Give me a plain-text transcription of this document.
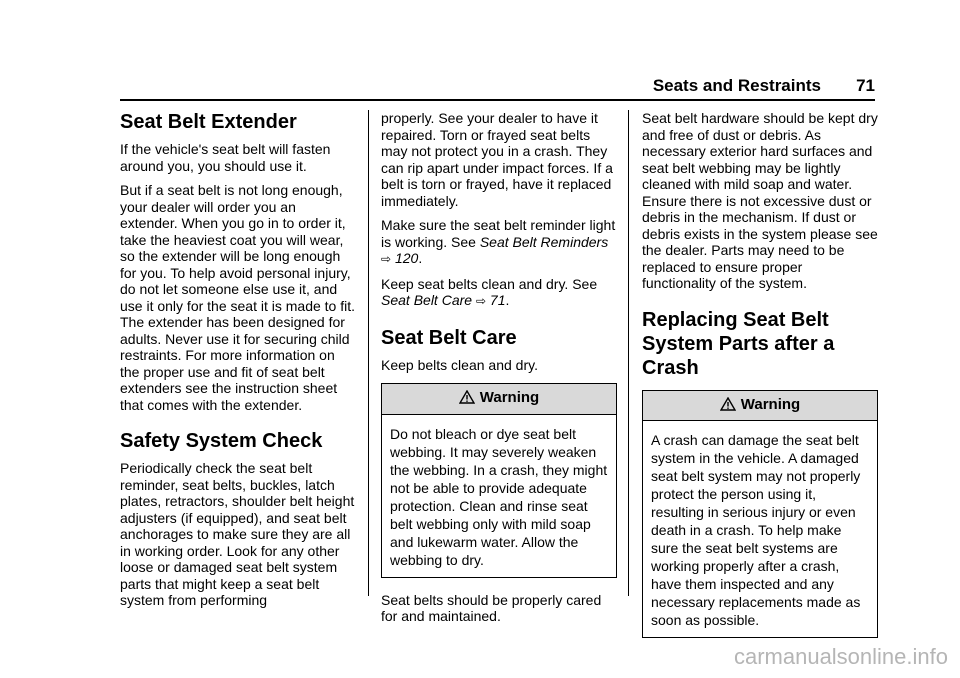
Seats and Restraints 71
Seat Belt Extender

If the vehicle's seat belt will fasten around you, you should use it.

But if a seat belt is not long enough, your dealer will order you an extender. When you go in to order it, take the heaviest coat you will wear, so the extender will be long enough for you. To help avoid personal injury, do not let someone else use it, and use it only for the seat it is made to fit. The extender has been designed for adults. Never use it for securing child restraints. For more information on the proper use and fit of seat belt extenders see the instruction sheet that comes with the extender.

Safety System Check

Periodically check the seat belt reminder, seat belts, buckles, latch plates, retractors, shoulder belt height adjusters (if equipped), and seat belt anchorages to make sure they are all in working order. Look for any other loose or damaged seat belt system parts that might keep a seat belt system from performing

properly. See your dealer to have it repaired. Torn or frayed seat belts may not protect you in a crash. They can rip apart under impact forces. If a belt is torn or frayed, have it replaced immediately.

Make sure the seat belt reminder light is working. See Seat Belt Reminders ⇨ 120.

Keep seat belts clean and dry. See Seat Belt Care ⇨ 71.

Seat Belt Care

Keep belts clean and dry.

Warning
Do not bleach or dye seat belt webbing. It may severely weaken the webbing. In a crash, they might not be able to provide adequate protection. Clean and rinse seat belt webbing only with mild soap and lukewarm water. Allow the webbing to dry.

Seat belts should be properly cared for and maintained.

Seat belt hardware should be kept dry and free of dust or debris. As necessary exterior hard surfaces and seat belt webbing may be lightly cleaned with mild soap and water. Ensure there is not excessive dust or debris in the mechanism. If dust or debris exists in the system please see the dealer. Parts may need to be replaced to ensure proper functionality of the system.

Replacing Seat Belt System Parts after a Crash
Warning
A crash can damage the seat belt system in the vehicle. A damaged seat belt system may not properly protect the person using it, resulting in serious injury or even death in a crash. To help make sure the seat belt systems are working properly after a crash, have them inspected and any necessary replacements made as soon as possible.
carmanualsonline.info
